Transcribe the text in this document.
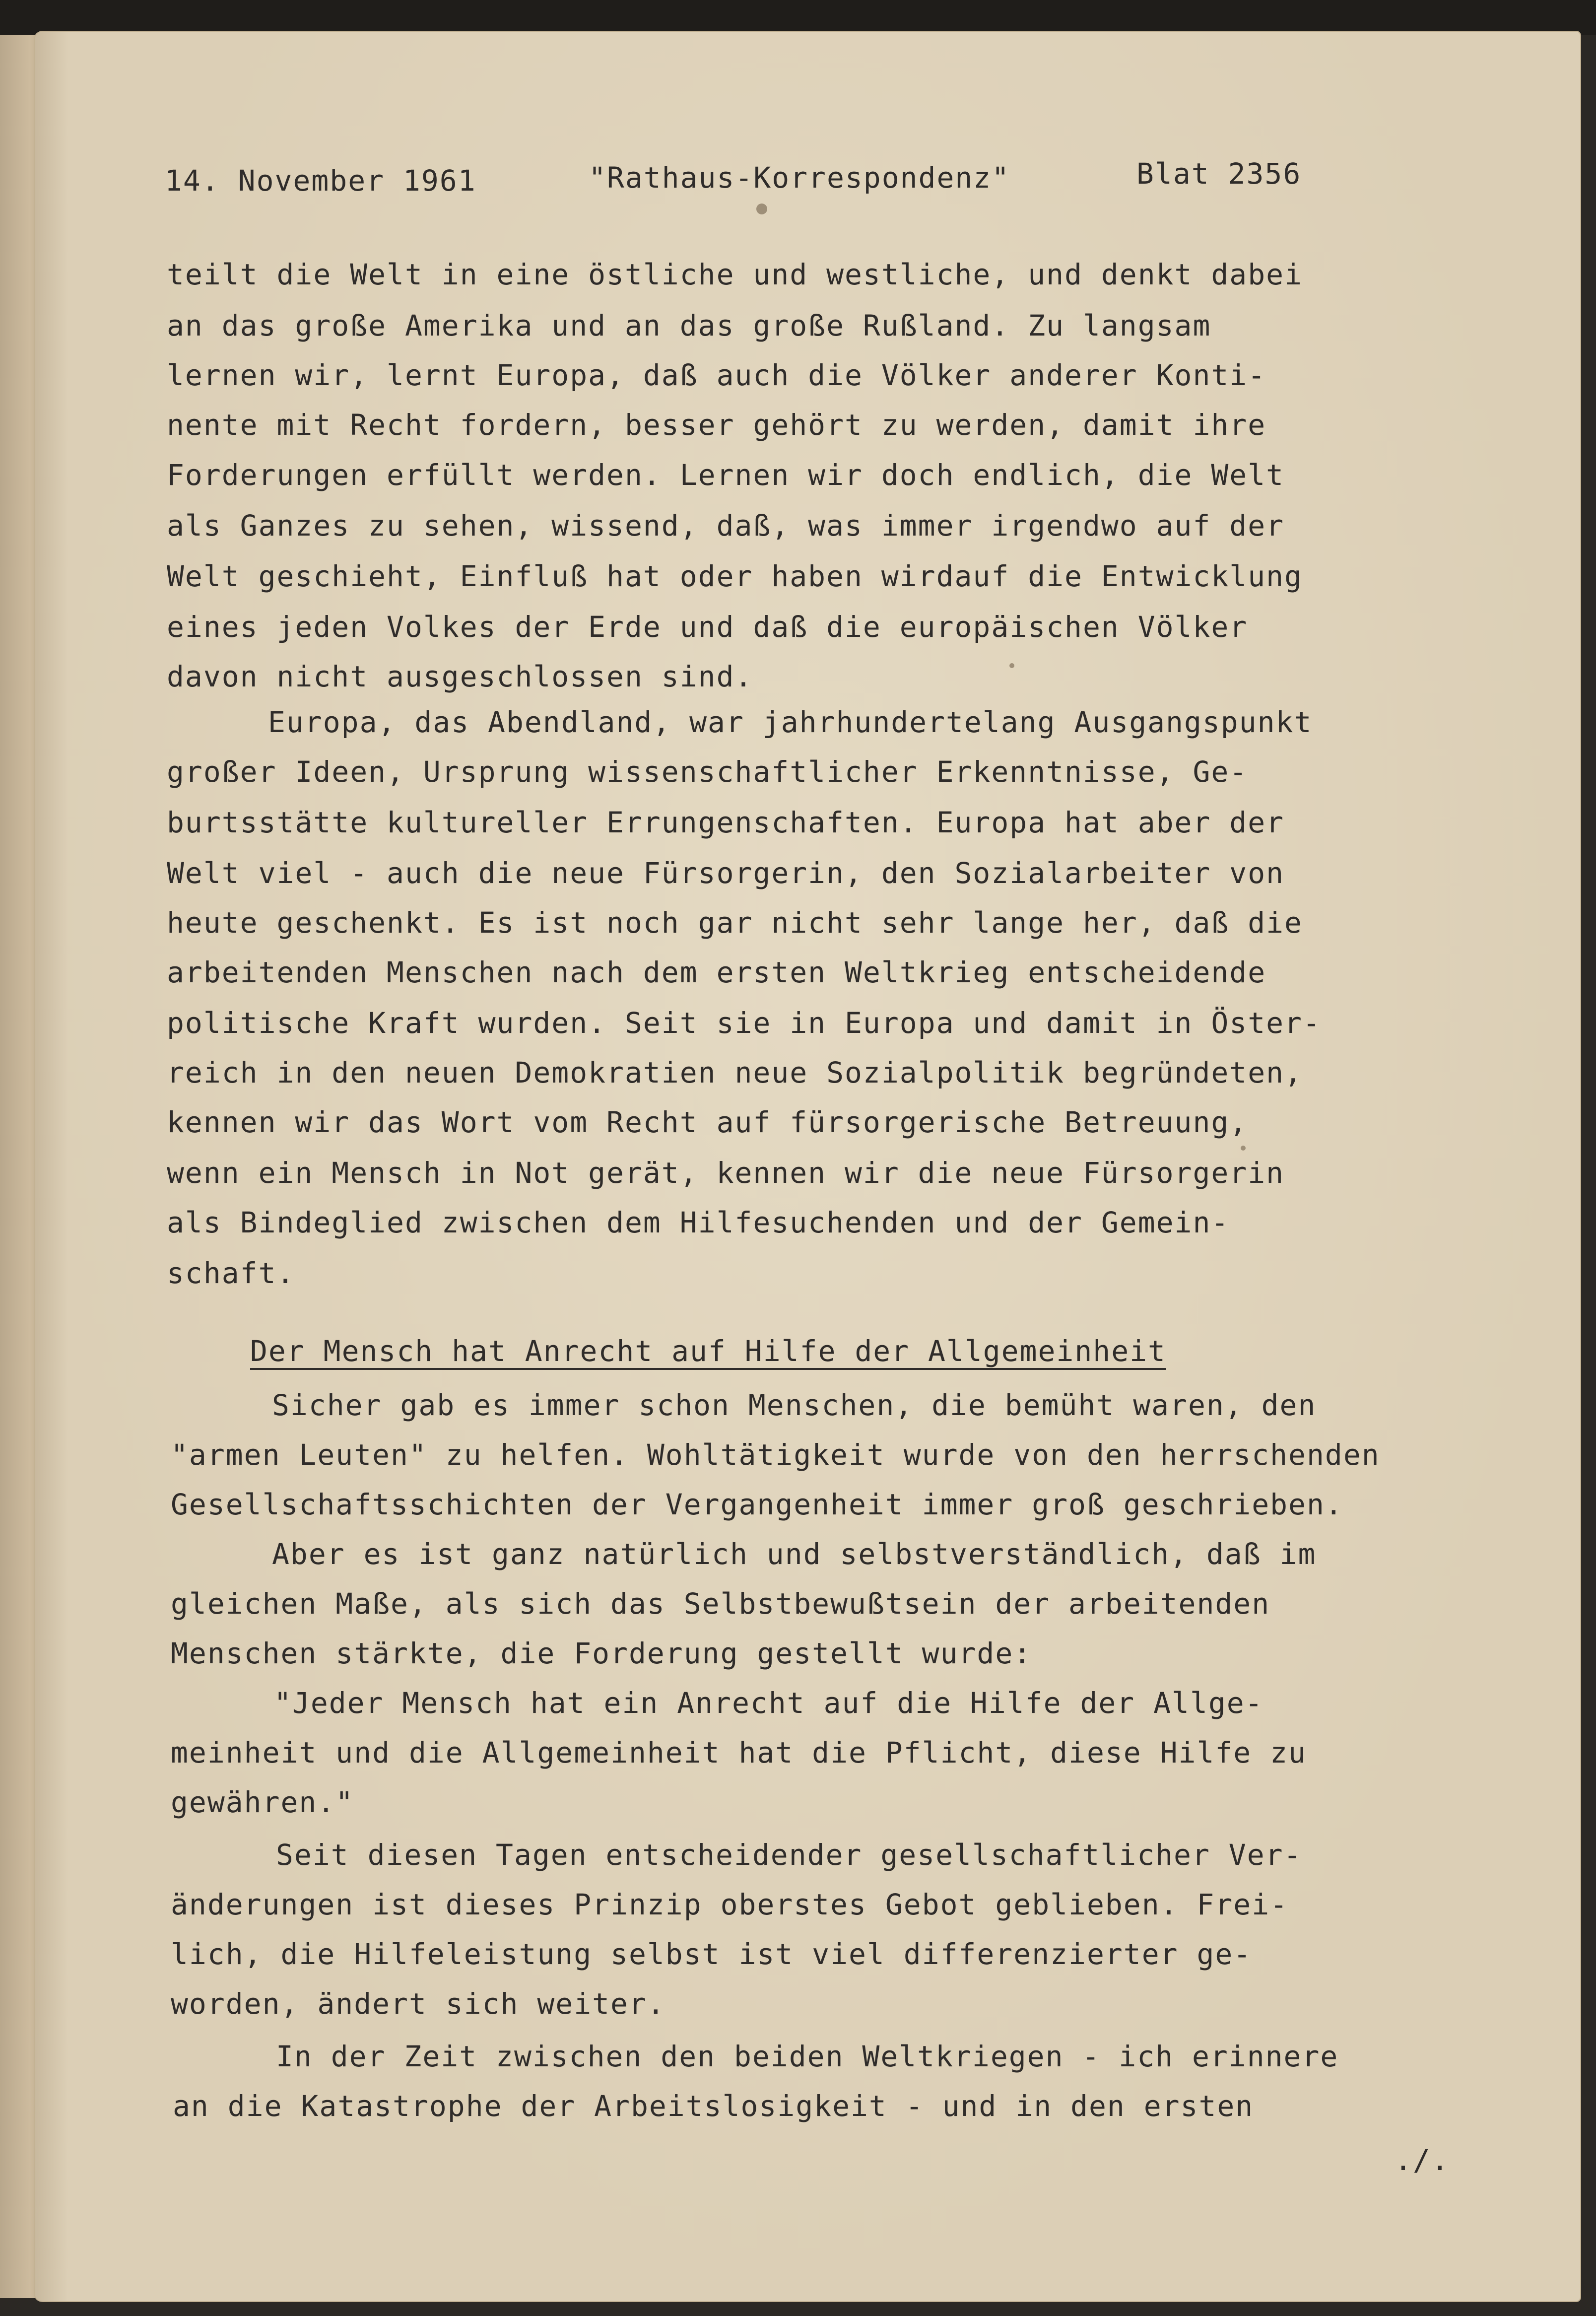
14. November 1961	"Rathaus-Korrespondenz"	Blat 2356
teilt die Welt in eine östliche und westliche, und denkt dabei
an das große Amerika und an das große Rußland. Zu langsam
lernen wir, lernt Europa, daß auch die Völker anderer Konti-
nente mit Recht fordern, besser gehört zu werden, damit ihre
Forderungen erfüllt werden. Lernen wir doch endlich, die Welt
als Ganzes zu sehen, wissend, daß, was immer irgendwo auf der
Welt geschieht, Einfluß hat oder haben wirdauf die Entwicklung
eines jeden Volkes der Erde und daß die europäischen Völker
davon nicht ausgeschlossen sind.
Europa, das Abendland, war jahrhundertelang Ausgangspunkt
großer Ideen, Ursprung wissenschaftlicher Erkenntnisse, Ge-
burtsstätte kultureller Errungenschaften. Europa hat aber der
Welt viel - auch die neue Fürsorgerin, den Sozialarbeiter von
heute geschenkt. Es ist noch gar nicht sehr lange her, daß die
arbeitenden Menschen nach dem ersten Weltkrieg entscheidende
politische Kraft wurden. Seit sie in Europa und damit in Öster-
reich in den neuen Demokratien neue Sozialpolitik begründeten,
kennen wir das Wort vom Recht auf fürsorgerische Betreuung,
wenn ein Mensch in Not gerät, kennen wir die neue Fürsorgerin
als Bindeglied zwischen dem Hilfesuchenden und der Gemein-
schaft.
Der Mensch hat Anrecht auf Hilfe der Allgemeinheit
Sicher gab es immer schon Menschen, die bemüht waren, den
"armen Leuten" zu helfen. Wohltätigkeit wurde von den herrschenden
Gesellschaftsschichten der Vergangenheit immer groß geschrieben.
Aber es ist ganz natürlich und selbstverständlich, daß im
gleichen Maße, als sich das Selbstbewußtsein der arbeitenden
Menschen stärkte, die Forderung gestellt wurde:
"Jeder Mensch hat ein Anrecht auf die Hilfe der Allge-
meinheit und die Allgemeinheit hat die Pflicht, diese Hilfe zu
gewähren."
Seit diesen Tagen entscheidender gesellschaftlicher Ver-
änderungen ist dieses Prinzip oberstes Gebot geblieben. Frei-
lich, die Hilfeleistung selbst ist viel differenzierter ge-
worden, ändert sich weiter.
In der Zeit zwischen den beiden Weltkriegen - ich erinnere
an die Katastrophe der Arbeitslosigkeit - und in den ersten
./.
